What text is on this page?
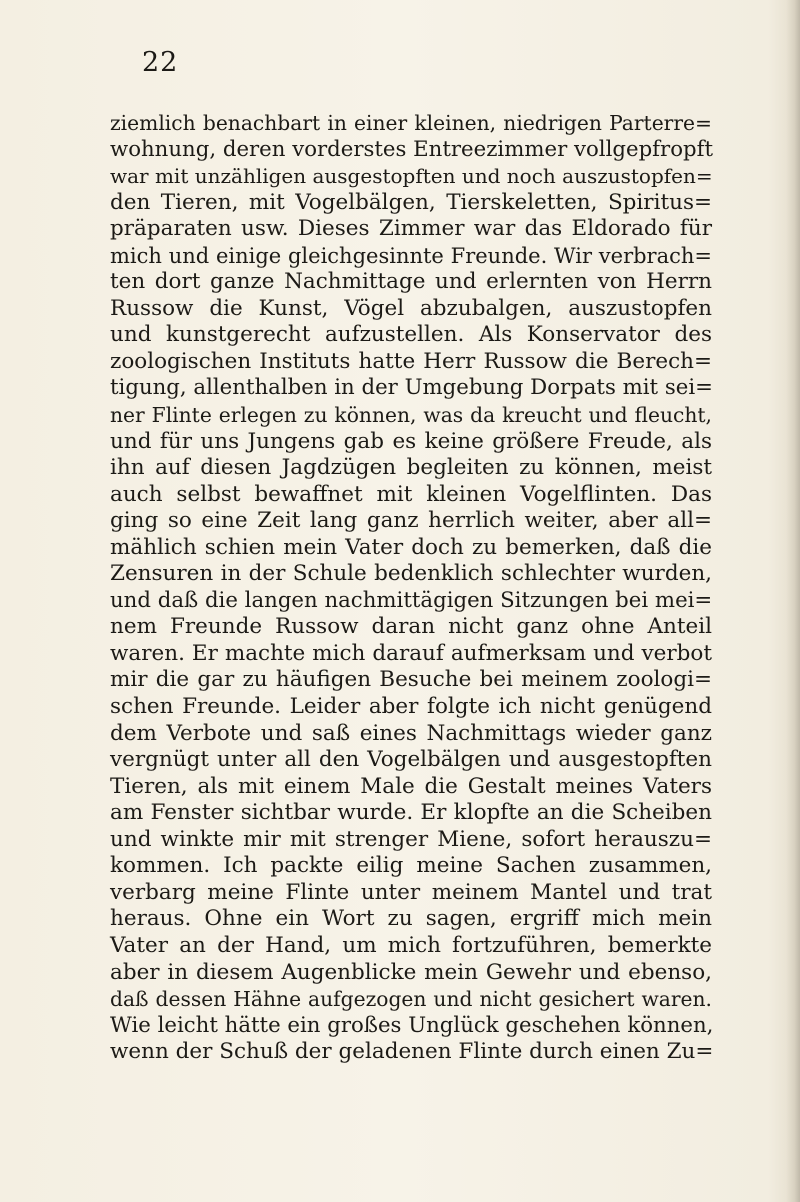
22
ziemlich benachbart in einer kleinen, niedrigen Parterre=
wohnung, deren vorderstes Entreezimmer vollgepfropft
war mit unzähligen ausgestopften und noch auszustopfen=
den Tieren, mit Vogelbälgen, Tierskeletten, Spiritus=
präparaten usw. Dieses Zimmer war das Eldorado für
mich und einige gleichgesinnte Freunde. Wir verbrach=
ten dort ganze Nachmittage und erlernten von Herrn
Russow die Kunst, Vögel abzubalgen, auszustopfen
und kunstgerecht aufzustellen. Als Konservator des
zoologischen Instituts hatte Herr Russow die Berech=
tigung, allenthalben in der Umgebung Dorpats mit sei=
ner Flinte erlegen zu können, was da kreucht und fleucht,
und für uns Jungens gab es keine größere Freude, als
ihn auf diesen Jagdzügen begleiten zu können, meist
auch selbst bewaffnet mit kleinen Vogelflinten. Das
ging so eine Zeit lang ganz herrlich weiter, aber all=
mählich schien mein Vater doch zu bemerken, daß die
Zensuren in der Schule bedenklich schlechter wurden,
und daß die langen nachmittägigen Sitzungen bei mei=
nem Freunde Russow daran nicht ganz ohne Anteil
waren. Er machte mich darauf aufmerksam und verbot
mir die gar zu häufigen Besuche bei meinem zoologi=
schen Freunde. Leider aber folgte ich nicht genügend
dem Verbote und saß eines Nachmittags wieder ganz
vergnügt unter all den Vogelbälgen und ausgestopften
Tieren, als mit einem Male die Gestalt meines Vaters
am Fenster sichtbar wurde. Er klopfte an die Scheiben
und winkte mir mit strenger Miene, sofort herauszu=
kommen. Ich packte eilig meine Sachen zusammen,
verbarg meine Flinte unter meinem Mantel und trat
heraus. Ohne ein Wort zu sagen, ergriff mich mein
Vater an der Hand, um mich fortzuführen, bemerkte
aber in diesem Augenblicke mein Gewehr und ebenso,
daß dessen Hähne aufgezogen und nicht gesichert waren.
Wie leicht hätte ein großes Unglück geschehen können,
wenn der Schuß der geladenen Flinte durch einen Zu=
